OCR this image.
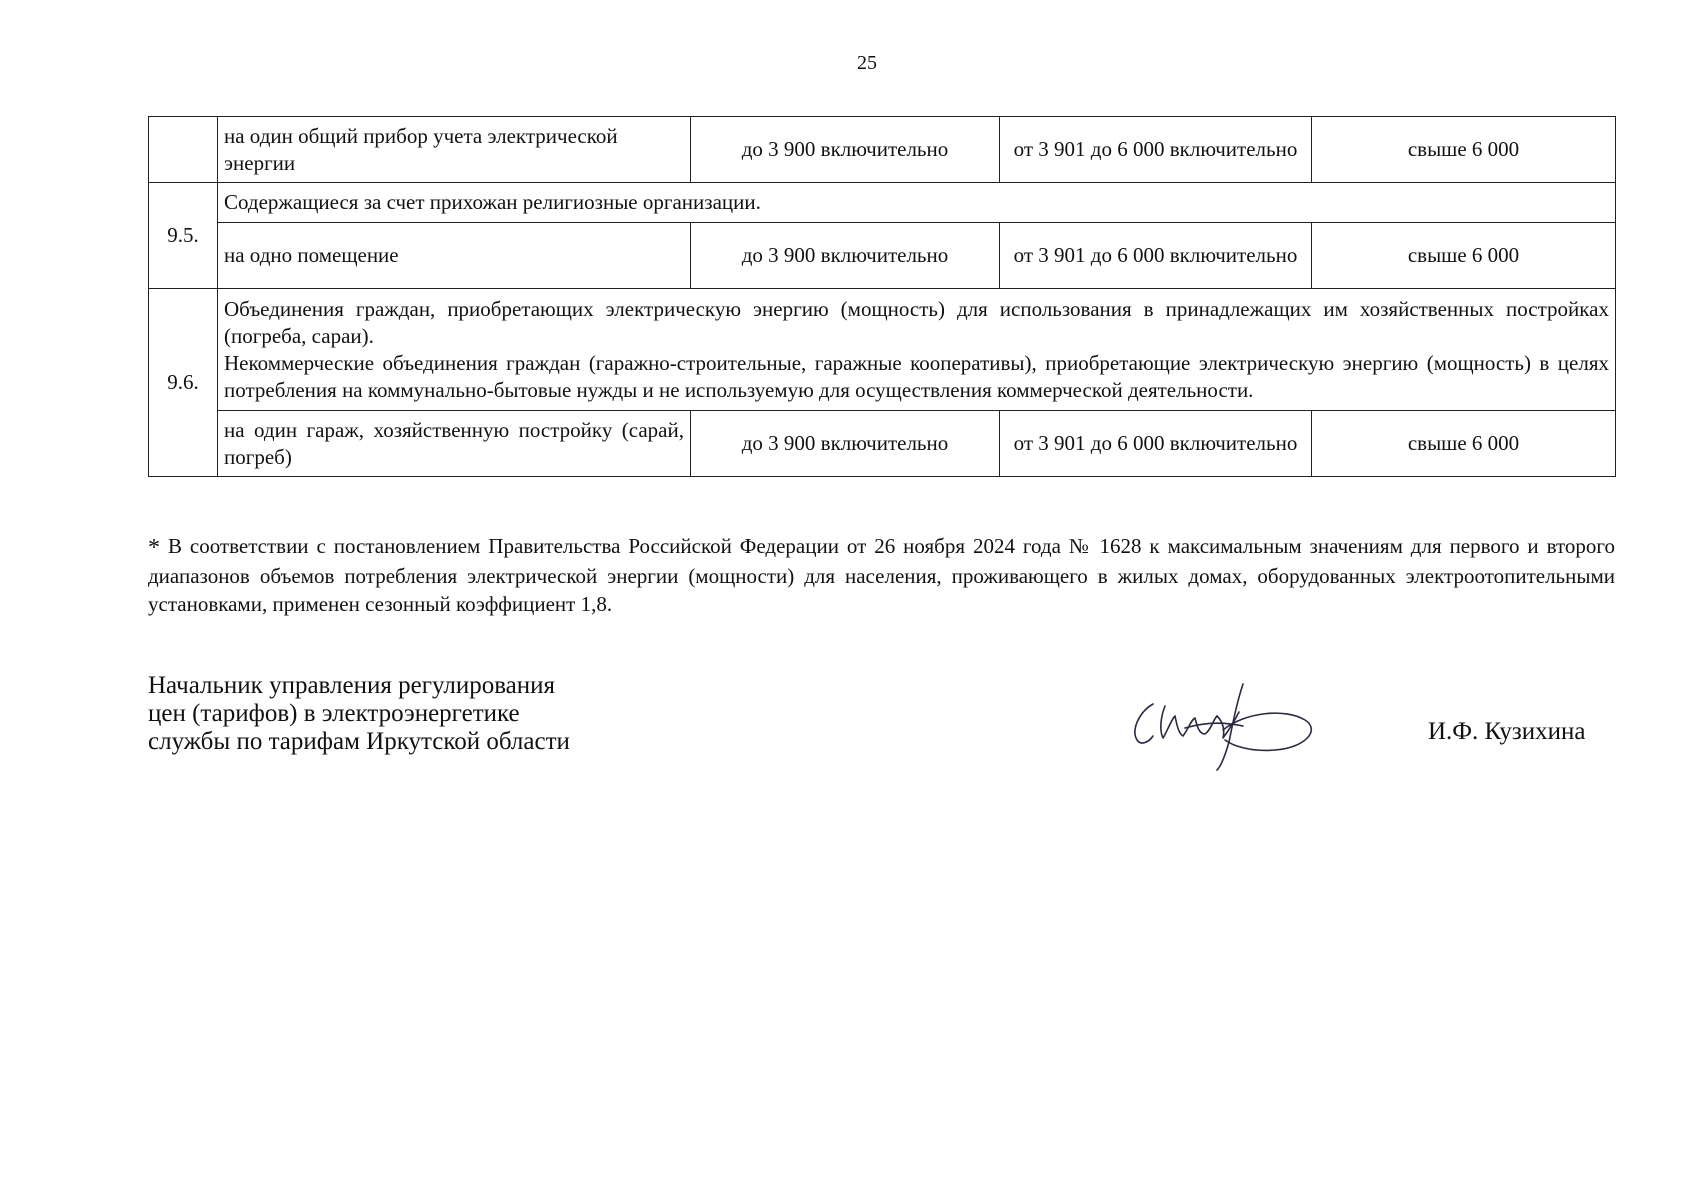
25
	на один общий прибор учета электрической энергии	до 3 900 включительно	от 3 901 до 6 000 включительно	свыше 6 000
9.5.	Содержащиеся за счет прихожан религиозные организации.			
	на одно помещение	до 3 900 включительно	от 3 901 до 6 000 включительно	свыше 6 000
9.6.	Объединения граждан, приобретающих электрическую энергию (мощность) для использования в принадлежащих им хозяйственных постройках (погреба, сараи).

Некоммерческие объединения граждан (гаражно-строительные, гаражные кооперативы), приобретающие электрическую энергию (мощность) в целях потребления на коммунально-бытовые нужды и не используемую для осуществления коммерческой деятельности.			

	на один гараж, хозяйственную постройку (сарай, погреб)	до 3 900 включительно	от 3 901 до 6 000 включительно	свыше 6 000
* В соответствии с постановлением Правительства Российской Федерации от 26 ноября 2024 года № 1628 к максимальным значениям для первого и второго диапазонов объемов потребления электрической энергии (мощности) для населения, проживающего в жилых домах, оборудованных электроотопительными установками, применен сезонный коэффициент 1,8.
Начальник управления регулирования
цен (тарифов) в электроэнергетике
службы по тарифам Иркутской области	И.Ф. Кузихина
